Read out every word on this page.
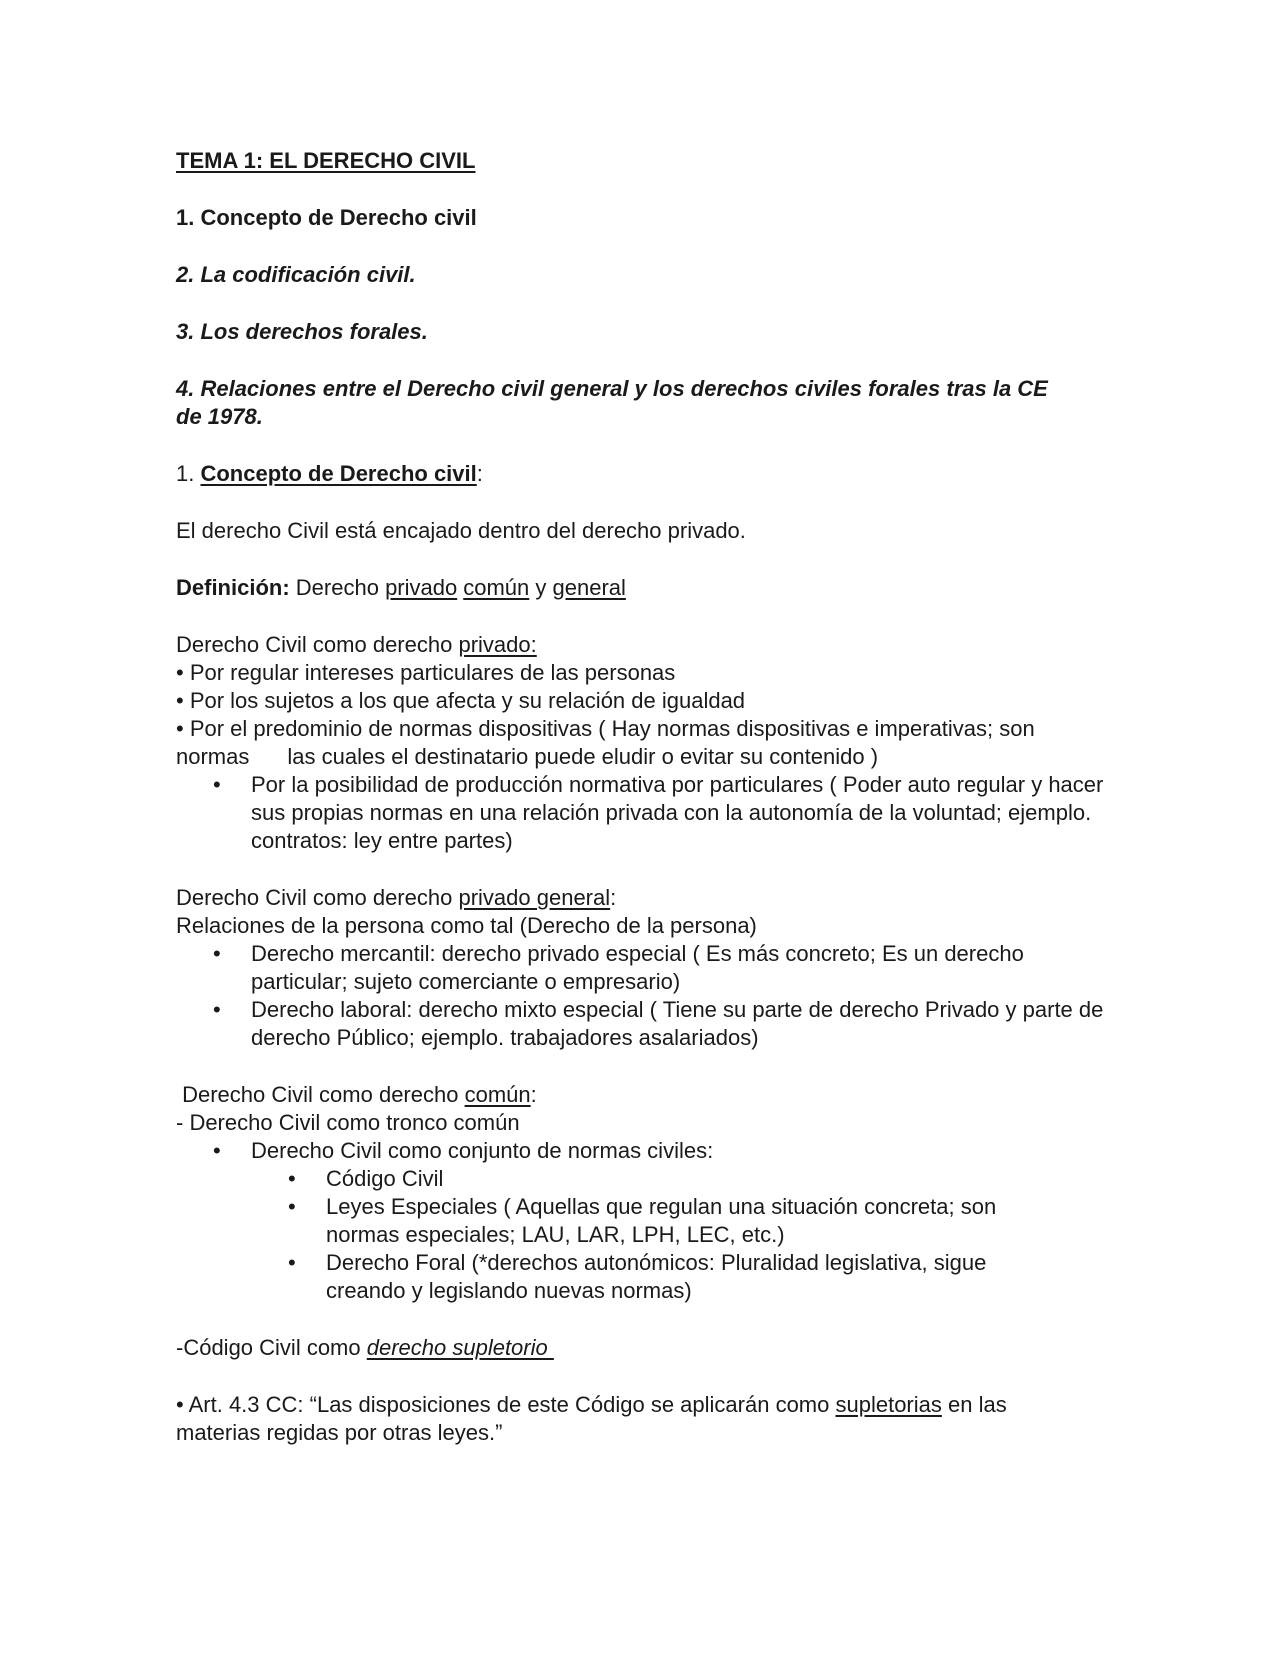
TEMA 1: EL DERECHO CIVIL

1. Concepto de Derecho civil

2. La codificación civil.

3. Los derechos forales.

4. Relaciones entre el Derecho civil general y los derechos civiles forales tras la CE de 1978.

1. Concepto de Derecho civil:

El derecho Civil está encajado dentro del derecho privado.

Definición: Derecho privado común y general

Derecho Civil como derecho privado:

• Por regular intereses particulares de las personas

• Por los sujetos a los que afecta y su relación de igualdad

• Por el predominio de normas dispositivas ( Hay normas dispositivas e imperativas; son

normas las cuales el destinatario puede eludir o evitar su contenido )

•	Por la posibilidad de producción normativa por particulares ( Poder auto regular y hacer sus propias normas en una relación privada con la autonomía de la voluntad; ejemplo. contratos: ley entre partes)

Derecho Civil como derecho privado general:

Relaciones de la persona como tal (Derecho de la persona)

•	Derecho mercantil: derecho privado especial ( Es más concreto; Es un derecho particular; sujeto comerciante o empresario)
•	Derecho laboral: derecho mixto especial ( Tiene su parte de derecho Privado y parte de derecho Público; ejemplo. trabajadores asalariados)

Derecho Civil como derecho común:

- Derecho Civil como tronco común

•	Derecho Civil como conjunto de normas civiles:
•	Código Civil
•	Leyes Especiales ( Aquellas que regulan una situación concreta; son normas especiales; LAU, LAR, LPH, LEC, etc.)
•	Derecho Foral (*derechos autonómicos: Pluralidad legislativa, sigue creando y legislando nuevas normas)

-Código Civil como derecho supletorio

• Art. 4.3 CC: “Las disposiciones de este Código se aplicarán como supletorias en las

materias regidas por otras leyes.”
